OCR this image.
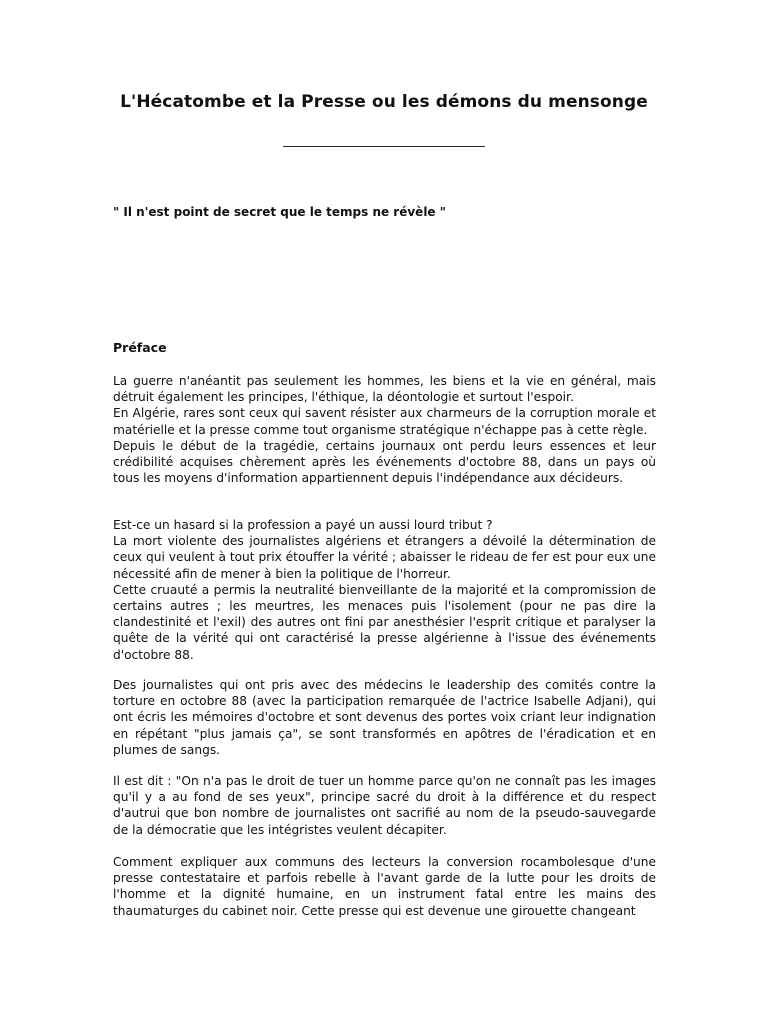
L'Hécatombe et la Presse ou les démons du mensonge
_______________________________
" Il n'est point de secret que le temps ne révèle "
Préface
La guerre n'anéantit pas seulement les hommes, les biens et la vie en général, mais détruit également les principes, l'éthique, la déontologie et surtout l'espoir.
En Algérie, rares sont ceux qui savent résister aux charmeurs de la corruption morale et matérielle et la presse comme tout organisme stratégique n'échappe pas à cette règle.
Depuis le début de la tragédie, certains journaux ont perdu leurs essences et leur crédibilité acquises chèrement après les événements d'octobre 88, dans un pays où tous les moyens d'information appartiennent depuis l'indépendance aux décideurs.
Est-ce un hasard si la profession a payé un aussi lourd tribut ?
La mort violente des journalistes algériens et étrangers a dévoilé la détermination de ceux qui veulent à tout prix étouffer la vérité ; abaisser le rideau de fer est pour eux une nécessité afin de mener à bien la politique de l'horreur.
Cette cruauté a permis la neutralité bienveillante de la majorité et la compromission de certains autres ; les meurtres, les menaces puis l'isolement (pour ne pas dire la clandestinité et l'exil) des autres ont fini par anesthésier l'esprit critique et paralyser la quête de la vérité qui ont caractérisé la presse algérienne à l'issue des événements d'octobre 88.
Des journalistes qui ont pris avec des médecins le leadership des comités contre la torture en octobre 88 (avec la participation remarquée de l'actrice Isabelle Adjani), qui ont écris les mémoires d'octobre et sont devenus des portes voix criant leur indignation en répétant "plus jamais ça", se sont transformés en apôtres de l'éradication et en plumes de sangs.
Il est dit : "On n'a pas le droit de tuer un homme parce qu'on ne connaît pas les images qu'il y a au fond de ses yeux", principe sacré du droit à la différence et du respect d'autrui que bon nombre de journalistes ont sacrifié au nom de la pseudo-sauvegarde de la démocratie que les intégristes veulent décapiter.
Comment expliquer aux communs des lecteurs la conversion rocambolesque d'une presse contestataire et parfois rebelle à l'avant garde de la lutte pour les droits de l'homme et la dignité humaine, en un instrument fatal entre les mains des thaumaturges du cabinet noir. Cette presse qui est devenue une girouette changeant
